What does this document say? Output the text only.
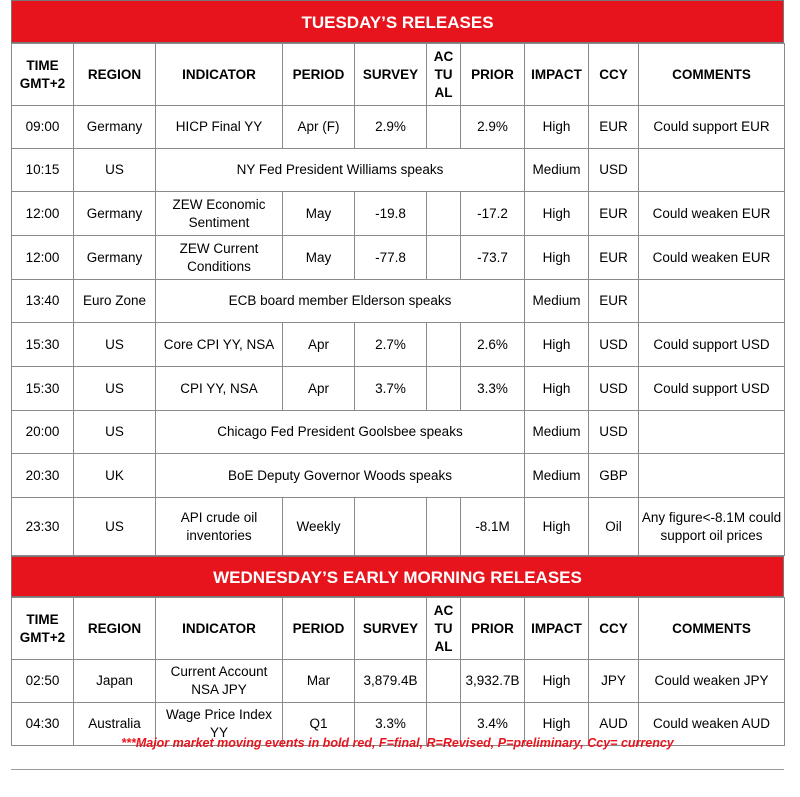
TUESDAY’S RELEASES
TIME GMT+2	REGION	INDICATOR	PERIOD	SURVEY	AC TU AL	PRIOR	IMPACT	CCY	COMMENTS
09:00	Germany	HICP Final YY	Apr (F)	2.9%		2.9%	High	EUR	Could support EUR
10:15	US	NY Fed President Williams speaks					Medium	USD	
12:00	Germany	ZEW Economic Sentiment	May	-19.8		-17.2	High	EUR	Could weaken EUR
12:00	Germany	ZEW Current Conditions	May	-77.8		-73.7	High	EUR	Could weaken EUR
13:40	Euro Zone	ECB board member Elderson speaks					Medium	EUR	
15:30	US	Core CPI YY, NSA	Apr	2.7%		2.6%	High	USD	Could support USD
15:30	US	CPI YY, NSA	Apr	3.7%		3.3%	High	USD	Could support USD
20:00	US	Chicago Fed President Goolsbee speaks					Medium	USD	
20:30	UK	BoE Deputy Governor Woods speaks					Medium	GBP	
23:30	US	API crude oil inventories	Weekly			-8.1M	High	Oil	Any figure<-8.1M could support oil prices
WEDNESDAY’S EARLY MORNING RELEASES
TIME GMT+2	REGION	INDICATOR	PERIOD	SURVEY	AC TU AL	PRIOR	IMPACT	CCY	COMMENTS
02:50	Japan	Current Account NSA JPY	Mar	3,879.4B		3,932.7B	High	JPY	Could weaken JPY
04:30	Australia	Wage Price Index YY	Q1	3.3%		3.4%	High	AUD	Could weaken AUD
***Major market moving events in bold red, F=final, R=Revised, P=preliminary, Ccy= currency
